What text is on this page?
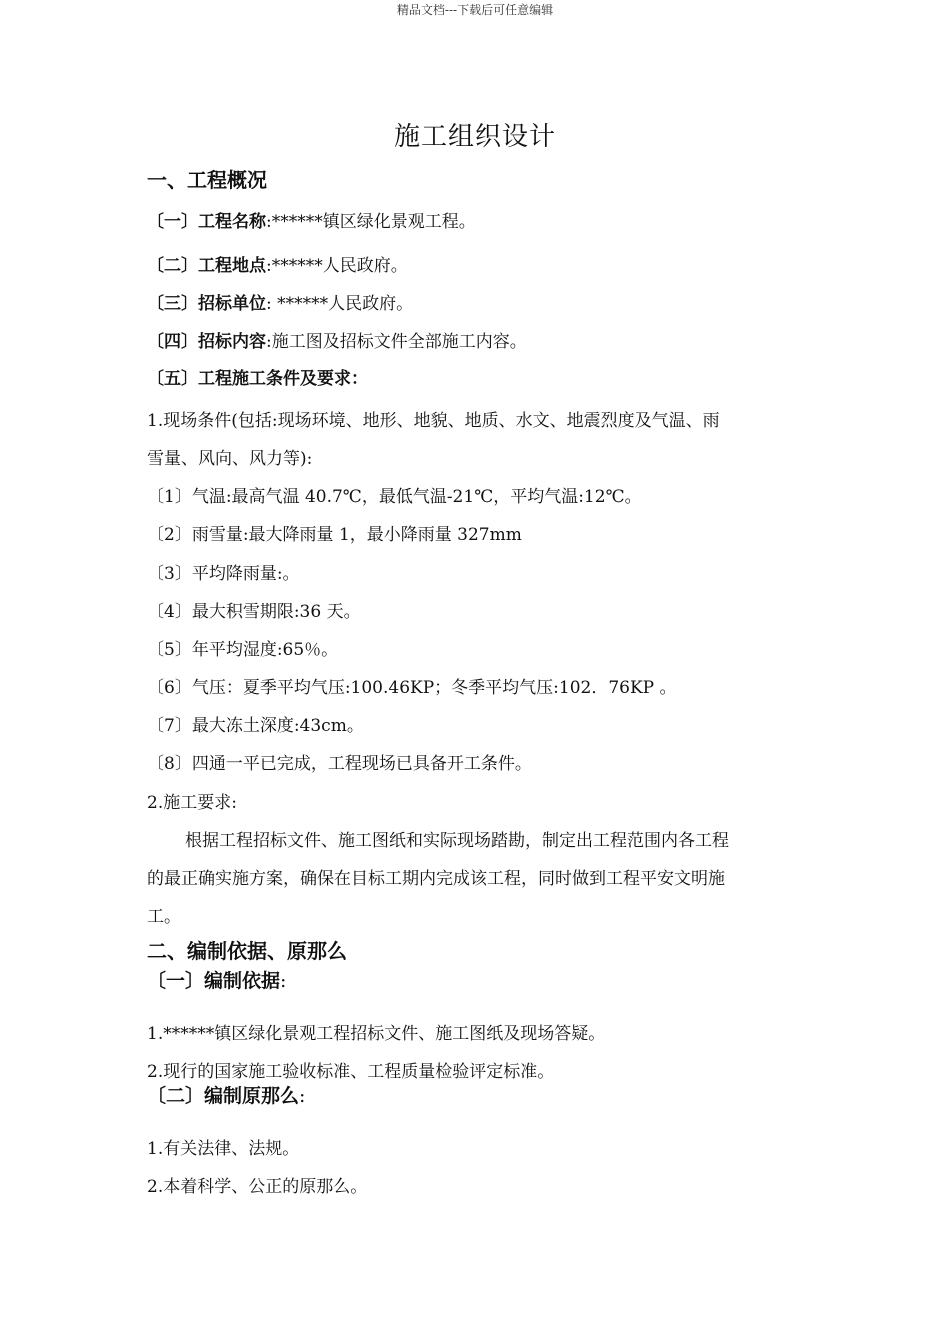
精品文档---下载后可任意编辑
施工组织设计
一、工程概况
〔一〕工程名称:******镇区绿化景观工程。
〔二〕工程地点:******人民政府。
〔三〕招标单位: ******人民政府。
〔四〕招标内容:施工图及招标文件全部施工内容。
〔五〕工程施工条件及要求：
1.现场条件(包括:现场环境、地形、地貌、地质、水文、地震烈度及气温、雨
雪量、风向、风力等):
〔1〕气温:最高气温 40.7℃，最低气温-21℃，平均气温:12℃。
〔2〕雨雪量:最大降雨量 1，最小降雨量 327mm
〔3〕平均降雨量:。
〔4〕最大积雪期限:36 天。
〔5〕年平均湿度:65％。
〔6〕气压：夏季平均气压:100.46KP；冬季平均气压:102．76KP 。
〔7〕最大冻土深度:43cm。
〔8〕四通一平已完成，工程现场已具备开工条件。
2.施工要求:
根据工程招标文件、施工图纸和实际现场踏勘，制定出工程范围内各工程
的最正确实施方案，确保在目标工期内完成该工程，同时做到工程平安文明施
工。
二、编制依据、原那么
〔一〕编制依据:
1.******镇区绿化景观工程招标文件、施工图纸及现场答疑。
2.现行的国家施工验收标准、工程质量检验评定标准。
〔二〕编制原那么:
1.有关法律、法规。
2.本着科学、公正的原那么。
